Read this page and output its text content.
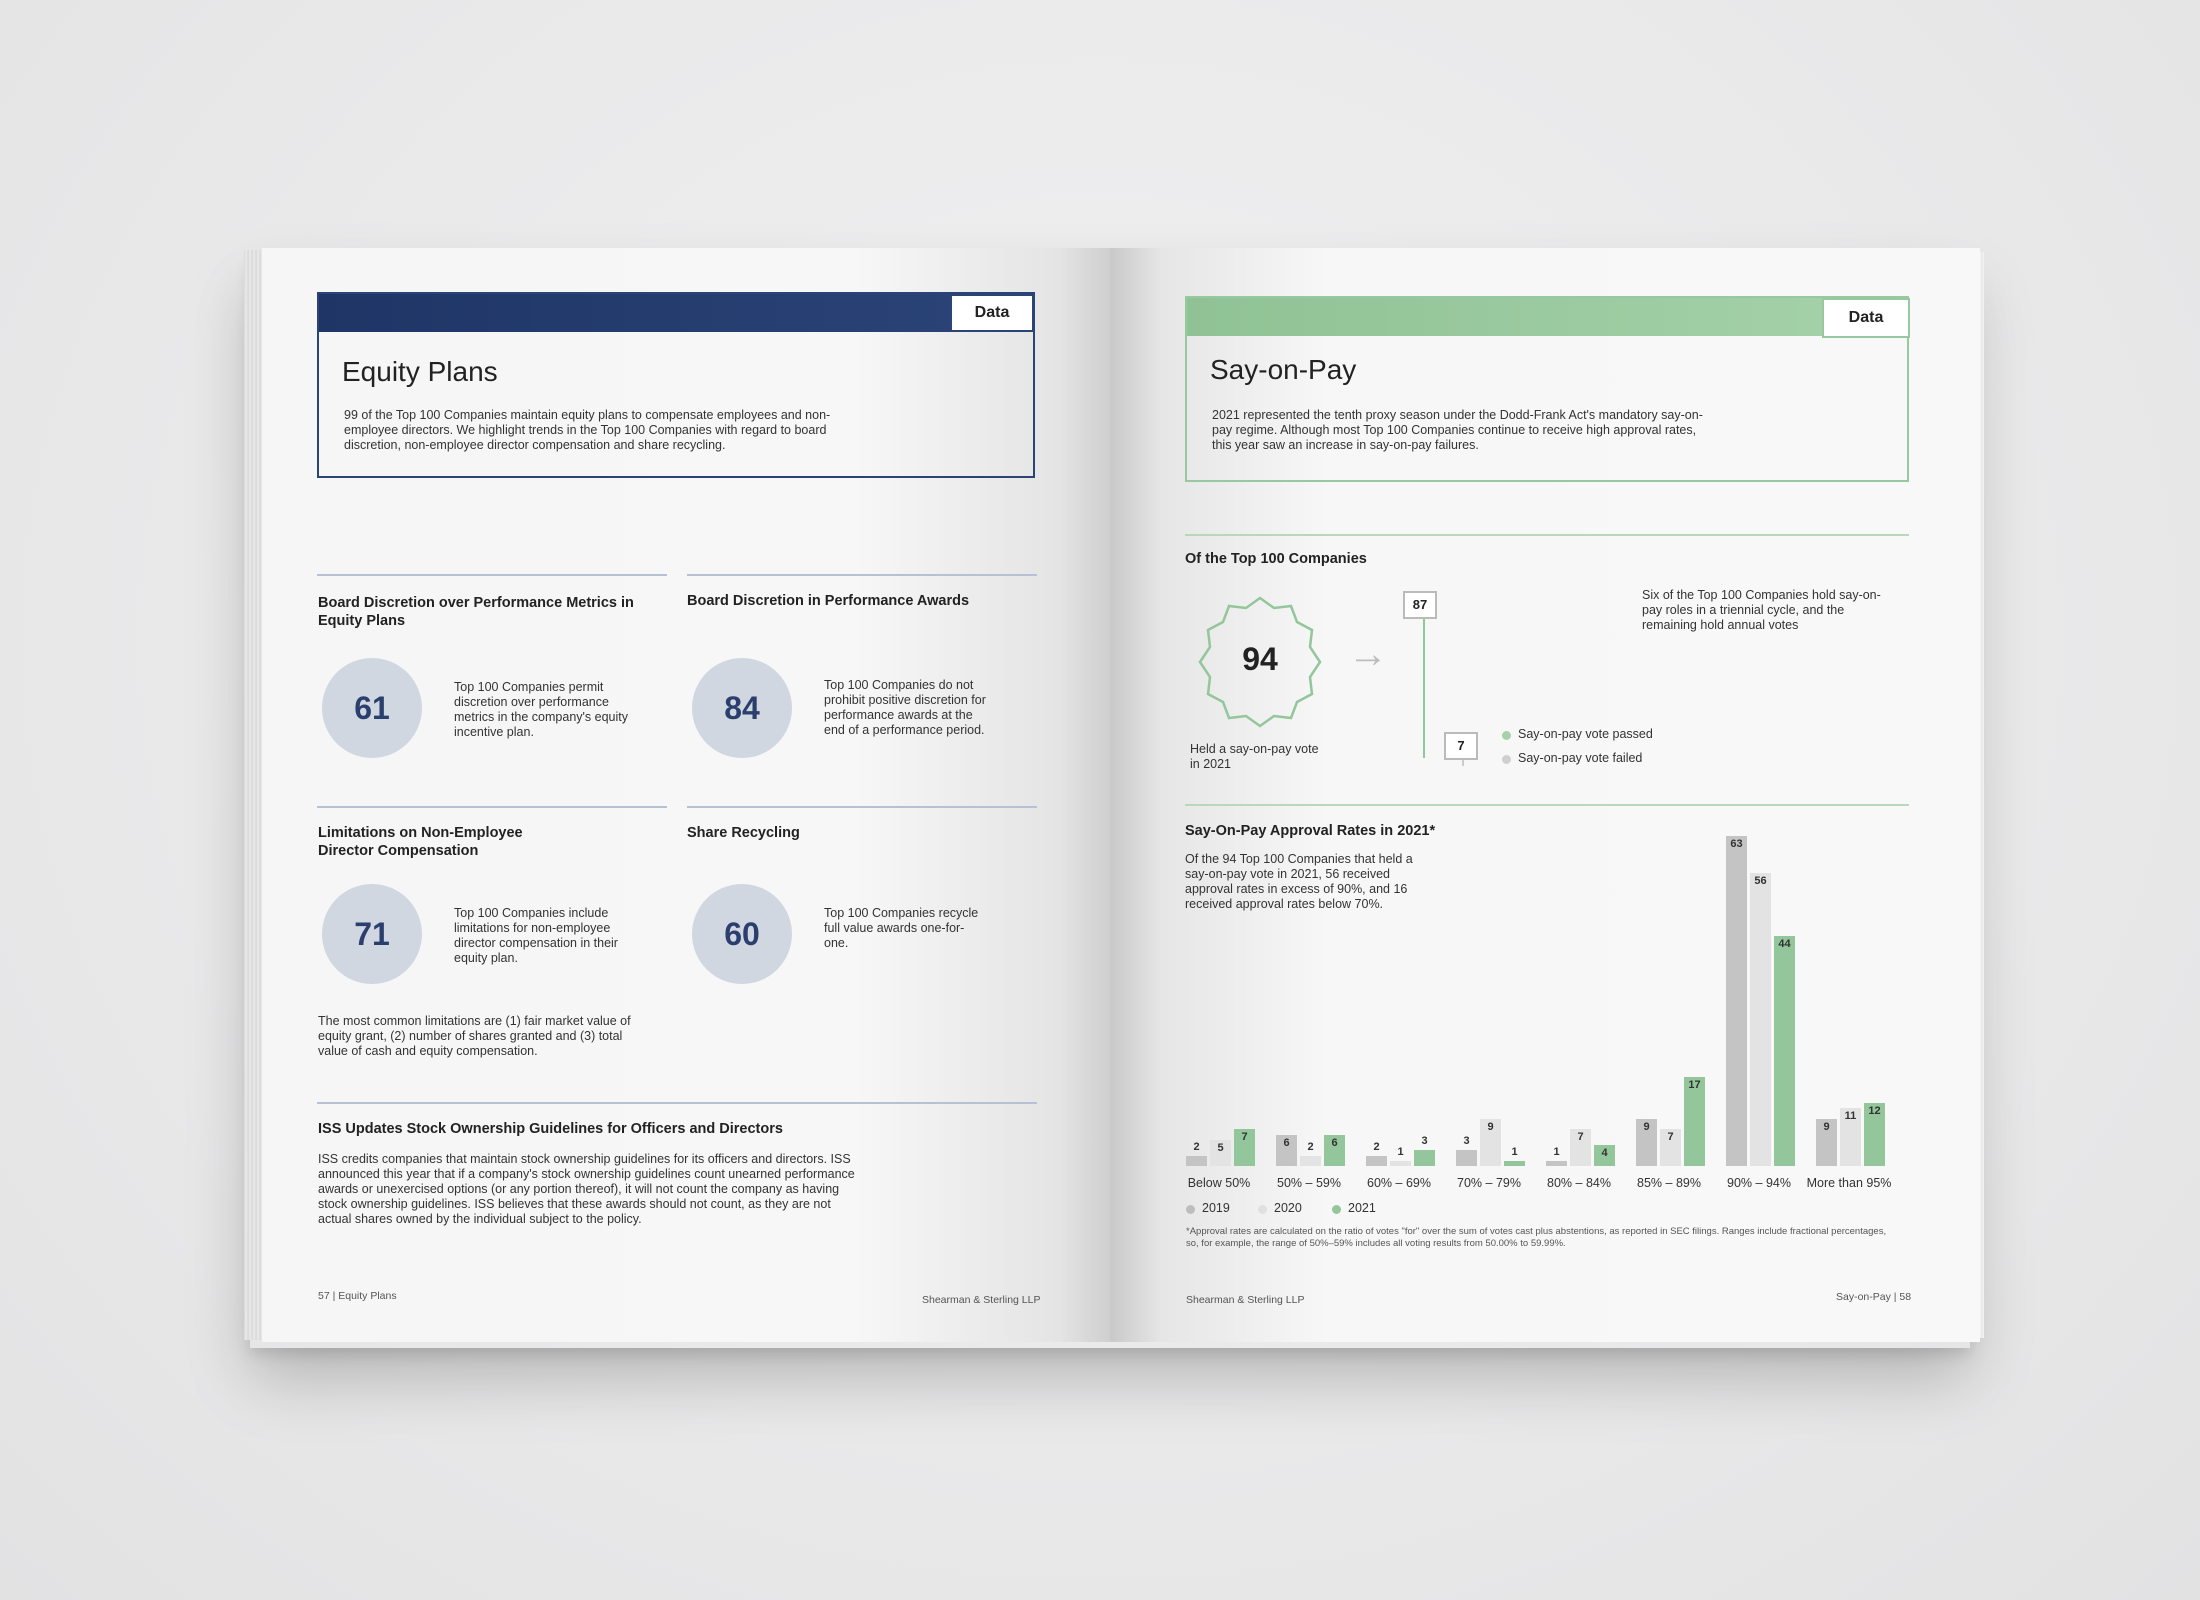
Data
Equity Plans
99 of the Top 100 Companies maintain equity plans to compensate employees and non-employee directors. We highlight trends in the Top 100 Companies with regard to board discretion, non-employee director compensation and share recycling.
Board Discretion over Performance Metrics in Equity Plans
61
Top 100 Companies permit discretion over performance metrics in the company's equity incentive plan.
Board Discretion in Performance Awards
84
Top 100 Companies do not prohibit positive discretion for performance awards at the end of a performance period.
Limitations on Non-Employee Director Compensation
71
Top 100 Companies include limitations for non-employee director compensation in their equity plan.
Share Recycling
60
Top 100 Companies recycle full value awards one-for-one.
The most common limitations are (1) fair market value of equity grant, (2) number of shares granted and (3) total value of cash and equity compensation.
ISS Updates Stock Ownership Guidelines for Officers and Directors
ISS credits companies that maintain stock ownership guidelines for its officers and directors. ISS announced this year that if a company's stock ownership guidelines count unearned performance awards or unexercised options (or any portion thereof), it will not count the company as having stock ownership guidelines. ISS believes that these awards should not count, as they are not actual shares owned by the individual subject to the policy.
57 | Equity Plans	Shearman & Sterling LLP
Data
Say-on-Pay
2021 represented the tenth proxy season under the Dodd-Frank Act's mandatory say-on-pay regime. Although most Top 100 Companies continue to receive high approval rates, this year saw an increase in say-on-pay failures.
Of the Top 100 Companies
94
Held a say-on-pay vote in 2021
→
87
7
Say-on-pay vote passed
Say-on-pay vote failed
Six of the Top 100 Companies hold say-on-pay roles in a triennial cycle, and the remaining hold annual votes
Say-On-Pay Approval Rates in 2021*
Of the 94 Top 100 Companies that held a say-on-pay vote in 2021, 56 received approval rates in excess of 90%, and 16 received approval rates below 70%.
2	5
7
Below 50%
6	2	6
50% – 59%
2	1
3
60% – 69%
3
9
1
70% – 79%
1
7
4
80% – 84%
9
7
17
85% – 89%
63
56
44
90% – 94%
9
11	12
More than 95%
2019	2020	2021
*Approval rates are calculated on the ratio of votes "for" over the sum of votes cast plus abstentions, as reported in SEC filings. Ranges include fractional percentages, so, for example, the range of 50%–59% includes all voting results from 50.00% to 59.99%.
Shearman & Sterling LLP	Say-on-Pay | 58
